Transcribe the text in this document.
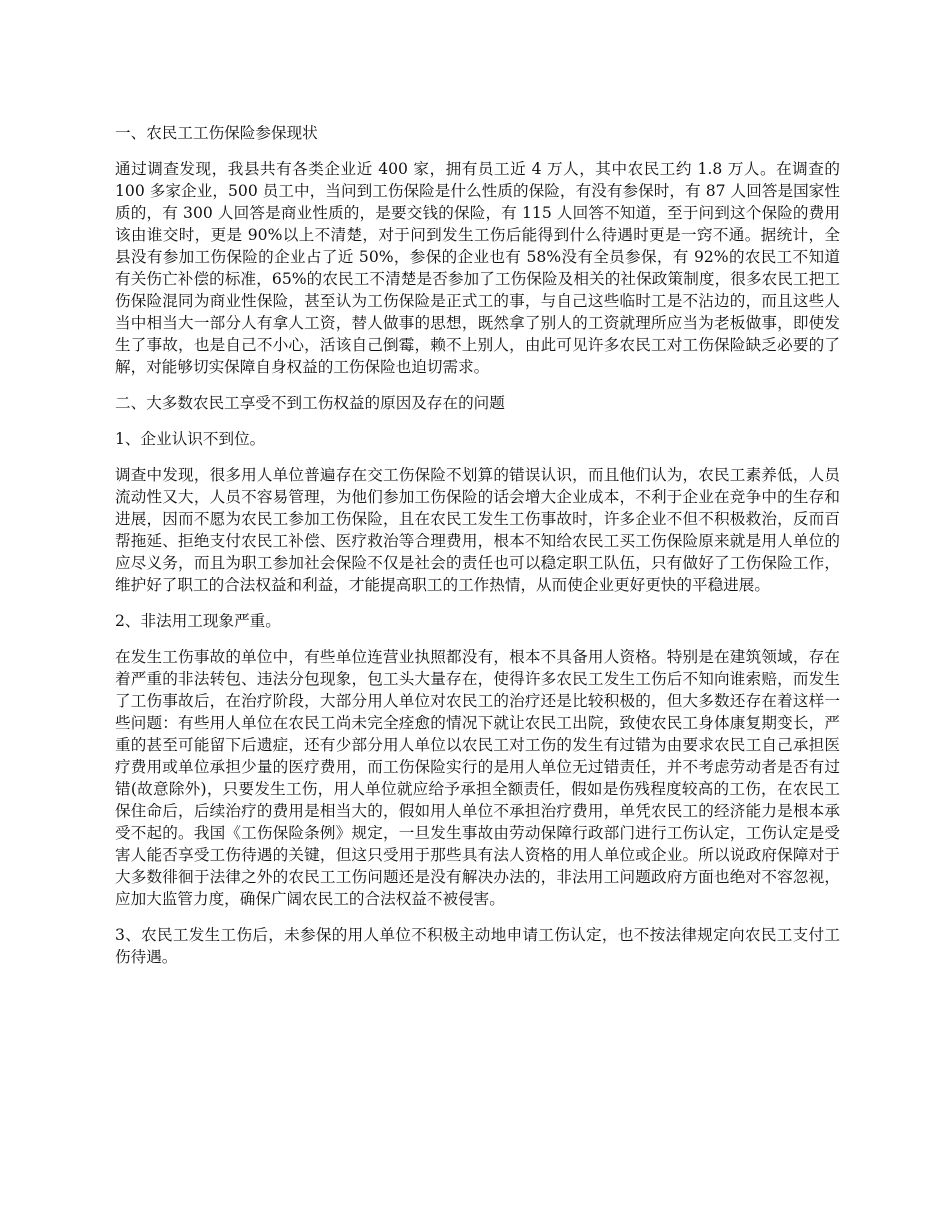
一、农民工工伤保险参保现状

通过调查发现，我县共有各类企业近 400 家，拥有员工近 4 万人，其中农民工约 1.8 万人。在调查的 100 多家企业，500 员工中，当问到工伤保险是什么性质的保险，有没有参保时，有 87 人回答是国家性质的，有 300 人回答是商业性质的，是要交钱的保险，有 115 人回答不知道，至于问到这个保险的费用该由谁交时，更是 90%以上不清楚，对于问到发生工伤后能得到什么待遇时更是一窍不通。据统计，全县没有参加工伤保险的企业占了近 50%，参保的企业也有 58%没有全员参保，有 92%的农民工不知道有关伤亡补偿的标准，65%的农民工不清楚是否参加了工伤保险及相关的社保政策制度，很多农民工把工伤保险混同为商业性保险，甚至认为工伤保险是正式工的事，与自己这些临时工是不沾边的，而且这些人当中相当大一部分人有拿人工资，替人做事的思想，既然拿了别人的工资就理所应当为老板做事，即使发生了事故，也是自己不小心，活该自己倒霉，赖不上别人，由此可见许多农民工对工伤保险缺乏必要的了解，对能够切实保障自身权益的工伤保险也迫切需求。

二、大多数农民工享受不到工伤权益的原因及存在的问题

1、企业认识不到位。

调查中发现，很多用人单位普遍存在交工伤保险不划算的错误认识，而且他们认为，农民工素养低，人员流动性又大，人员不容易管理，为他们参加工伤保险的话会增大企业成本，不利于企业在竞争中的生存和进展，因而不愿为农民工参加工伤保险，且在农民工发生工伤事故时，许多企业不但不积极救治，反而百帮拖延、拒绝支付农民工补偿、医疗救治等合理费用，根本不知给农民工买工伤保险原来就是用人单位的应尽义务，而且为职工参加社会保险不仅是社会的责任也可以稳定职工队伍，只有做好了工伤保险工作，维护好了职工的合法权益和利益，才能提高职工的工作热情，从而使企业更好更快的平稳进展。

2、非法用工现象严重。

在发生工伤事故的单位中，有些单位连营业执照都没有，根本不具备用人资格。特别是在建筑领域，存在着严重的非法转包、违法分包现象，包工头大量存在，使得许多农民工发生工伤后不知向谁索赔，而发生了工伤事故后，在治疗阶段，大部分用人单位对农民工的治疗还是比较积极的，但大多数还存在着这样一些问题：有些用人单位在农民工尚未完全痊愈的情况下就让农民工出院，致使农民工身体康复期变长，严重的甚至可能留下后遗症，还有少部分用人单位以农民工对工伤的发生有过错为由要求农民工自己承担医疗费用或单位承担少量的医疗费用，而工伤保险实行的是用人单位无过错责任，并不考虑劳动者是否有过错(故意除外)，只要发生工伤，用人单位就应给予承担全额责任，假如是伤残程度较高的工伤，在农民工保住命后，后续治疗的费用是相当大的，假如用人单位不承担治疗费用，单凭农民工的经济能力是根本承受不起的。我国《工伤保险条例》规定，一旦发生事故由劳动保障行政部门进行工伤认定，工伤认定是受害人能否享受工伤待遇的关键，但这只受用于那些具有法人资格的用人单位或企业。所以说政府保障对于大多数徘徊于法律之外的农民工工伤问题还是没有解决办法的，非法用工问题政府方面也绝对不容忽视，应加大监管力度，确保广阔农民工的合法权益不被侵害。

3、农民工发生工伤后，未参保的用人单位不积极主动地申请工伤认定，也不按法律规定向农民工支付工伤待遇。
